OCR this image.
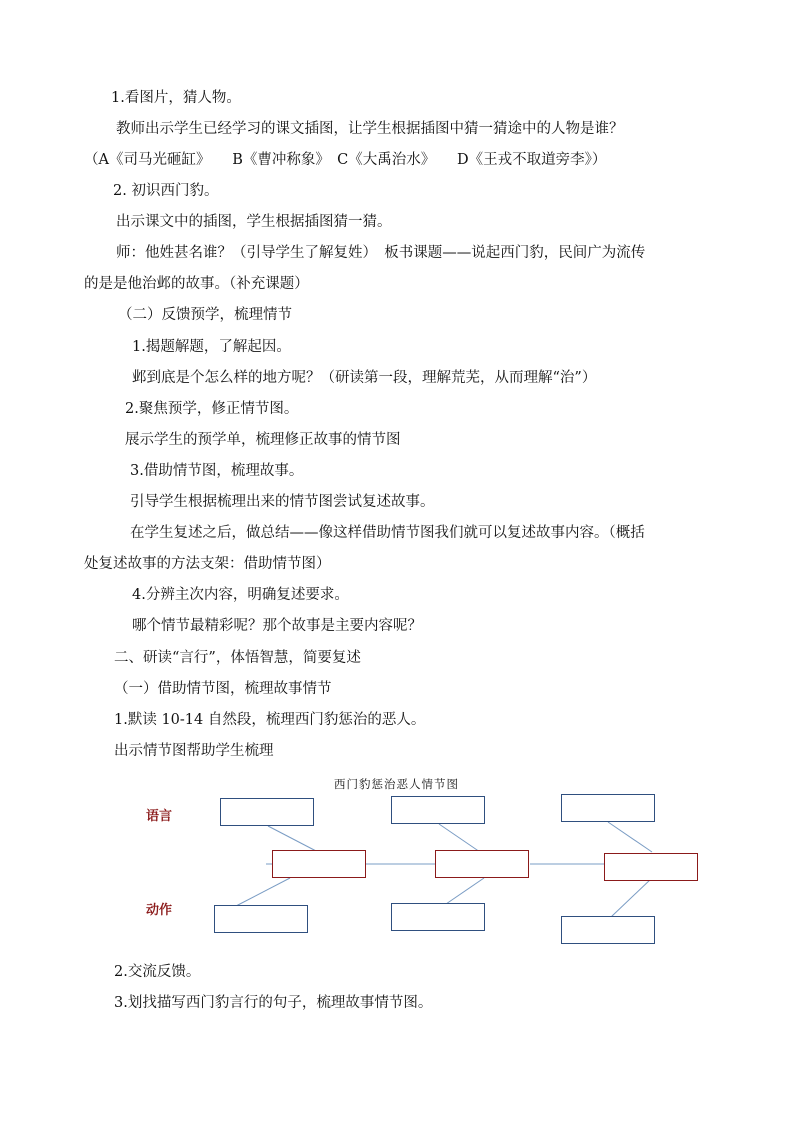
1.看图片，猜人物。
教师出示学生已经学习的课文插图，让学生根据插图中猜一猜途中的人物是谁？
（A《司马光砸缸》　　B《曹冲称象》　C《大禹治水》　　D《王戎不取道旁李》）
2. 初识西门豹。
出示课文中的插图，学生根据插图猜一猜。
师：他姓甚名谁？（引导学生了解复姓）　板书课题——说起西门豹，民间广为流传
的是是他治邺的故事。（补充课题）
（二）反馈预学，梳理情节
1.揭题解题，了解起因。
邺到底是个怎么样的地方呢？（研读第一段，理解荒芜，从而理解“治”）
2.聚焦预学，修正情节图。
展示学生的预学单，梳理修正故事的情节图
3.借助情节图，梳理故事。
引导学生根据梳理出来的情节图尝试复述故事。
在学生复述之后，做总结——像这样借助情节图我们就可以复述故事内容。（概括
处复述故事的方法支架：借助情节图）
4.分辨主次内容，明确复述要求。
哪个情节最精彩呢？那个故事是主要内容呢？
二、研读“言行”，体悟智慧，简要复述
（一）借助情节图，梳理故事情节
1.默读 10-14 自然段，梳理西门豹惩治的恶人。
出示情节图帮助学生梳理
西门豹惩治恶人情节图
语言
动作
2.交流反馈。
3.划找描写西门豹言行的句子，梳理故事情节图。
